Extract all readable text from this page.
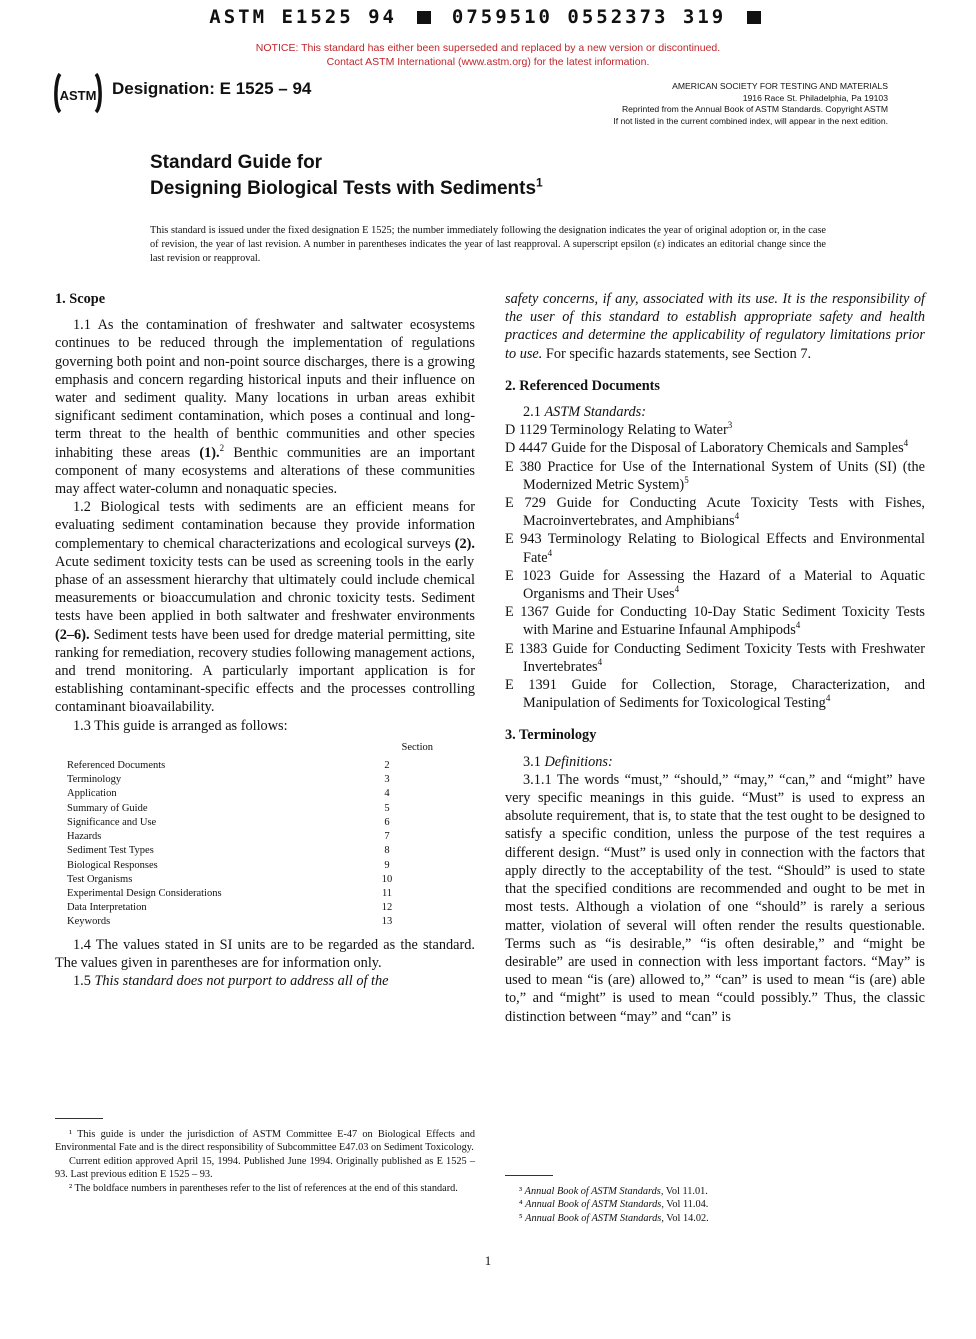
ASTM E1525 94	0759510 0552373 319
NOTICE: This standard has either been superseded and replaced by a new version or discontinued.
Contact ASTM International (www.astm.org) for the latest information.
ASTM Designation: E 1525 – 94	AMERICAN SOCIETY FOR TESTING AND MATERIALS
1916 Race St. Philadelphia, Pa 19103
Reprinted from the Annual Book of ASTM Standards. Copyright ASTM
If not listed in the current combined index, will appear in the next edition.
Standard Guide for
Designing Biological Tests with Sediments$^1$
This standard is issued under the fixed designation E 1525; the number immediately following the designation indicates the year of original adoption or, in the case of revision, the year of last revision. A number in parentheses indicates the year of last reapproval. A superscript epsilon (ε) indicates an editorial change since the last revision or reapproval.

1. Scope

1.1 As the contamination of freshwater and saltwater ecosystems continues to be reduced through the implementation of regulations governing both point and non-point source discharges, there is a growing emphasis and concern regarding historical inputs and their influence on water and sediment quality. Many locations in urban areas exhibit significant sediment contamination, which poses a continual and long-term threat to the health of benthic communities and other species inhabiting these areas (1).$^2$ Benthic communities are an important component of many ecosystems and alterations of these communities may affect water-column and nonaquatic species.

1.2 Biological tests with sediments are an efficient means for evaluating sediment contamination because they provide information complementary to chemical characterizations and ecological surveys (2). Acute sediment toxicity tests can be used as screening tools in the early phase of an assessment hierarchy that ultimately could include chemical measurements or bioaccumulation and chronic toxicity tests. Sediment tests have been applied in both saltwater and freshwater environments (2–6). Sediment tests have been used for dredge material permitting, site ranking for remediation, recovery studies following management actions, and trend monitoring. A particularly important application is for establishing contaminant-specific effects and the processes controlling contaminant bioavailability.

1.3 This guide is arranged as follows:

Section
Referenced Documents	2
Terminology	3
Application	4
Summary of Guide	5
Significance and Use	6
Hazards	7
Sediment Test Types	8
Biological Responses	9
Test Organisms	10
Experimental Design Considerations	11
Data Interpretation	12
Keywords	13

1.4 The values stated in SI units are to be regarded as the standard. The values given in parentheses are for information only.

1.5 This standard does not purport to address all of the

safety concerns, if any, associated with its use. It is the responsibility of the user of this standard to establish appropriate safety and health practices and determine the applicability of regulatory limitations prior to use. For specific hazards statements, see Section 7.

2. Referenced Documents

2.1 ASTM Standards:

D 1129 Terminology Relating to Water$^3$

D 4447 Guide for the Disposal of Laboratory Chemicals and Samples$^4$

E 380 Practice for Use of the International System of Units (SI) (the Modernized Metric System)$^5$

E 729 Guide for Conducting Acute Toxicity Tests with Fishes, Macroinvertebrates, and Amphibians$^4$

E 943 Terminology Relating to Biological Effects and Environmental Fate$^4$

E 1023 Guide for Assessing the Hazard of a Material to Aquatic Organisms and Their Uses$^4$

E 1367 Guide for Conducting 10-Day Static Sediment Toxicity Tests with Marine and Estuarine Infaunal Amphipods$^4$

E 1383 Guide for Conducting Sediment Toxicity Tests with Freshwater Invertebrates$^4$

E 1391 Guide for Collection, Storage, Characterization, and Manipulation of Sediments for Toxicological Testing$^4$

3. Terminology

3.1 Definitions:

3.1.1 The words “must,” “should,” “may,” “can,” and “might” have very specific meanings in this guide. “Must” is used to express an absolute requirement, that is, to state that the test ought to be designed to satisfy a specific condition, unless the purpose of the test requires a different design. “Must” is used only in connection with the factors that apply directly to the acceptability of the test. “Should” is used to state that the specified conditions are recommended and ought to be met in most tests. Although a violation of one “should” is rarely a serious matter, violation of several will often render the results questionable. Terms such as “is desirable,” “is often desirable,” and “might be desirable” are used in connection with less important factors. “May” is used to mean “is (are) allowed to,” “can” is used to mean “is (are) able to,” and “might” is used to mean “could possibly.” Thus, the classic distinction between “may” and “can” is

¹ This guide is under the jurisdiction of ASTM Committee E-47 on Biological Effects and Environmental Fate and is the direct responsibility of Subcommittee E47.03 on Sediment Toxicology.

Current edition approved April 15, 1994. Published June 1994. Originally published as E 1525 – 93. Last previous edition E 1525 – 93.

² The boldface numbers in parentheses refer to the list of references at the end of this standard.	³ Annual Book of ASTM Standards, Vol 11.01.

⁴ Annual Book of ASTM Standards, Vol 11.04.

⁵ Annual Book of ASTM Standards, Vol 14.02.

1
